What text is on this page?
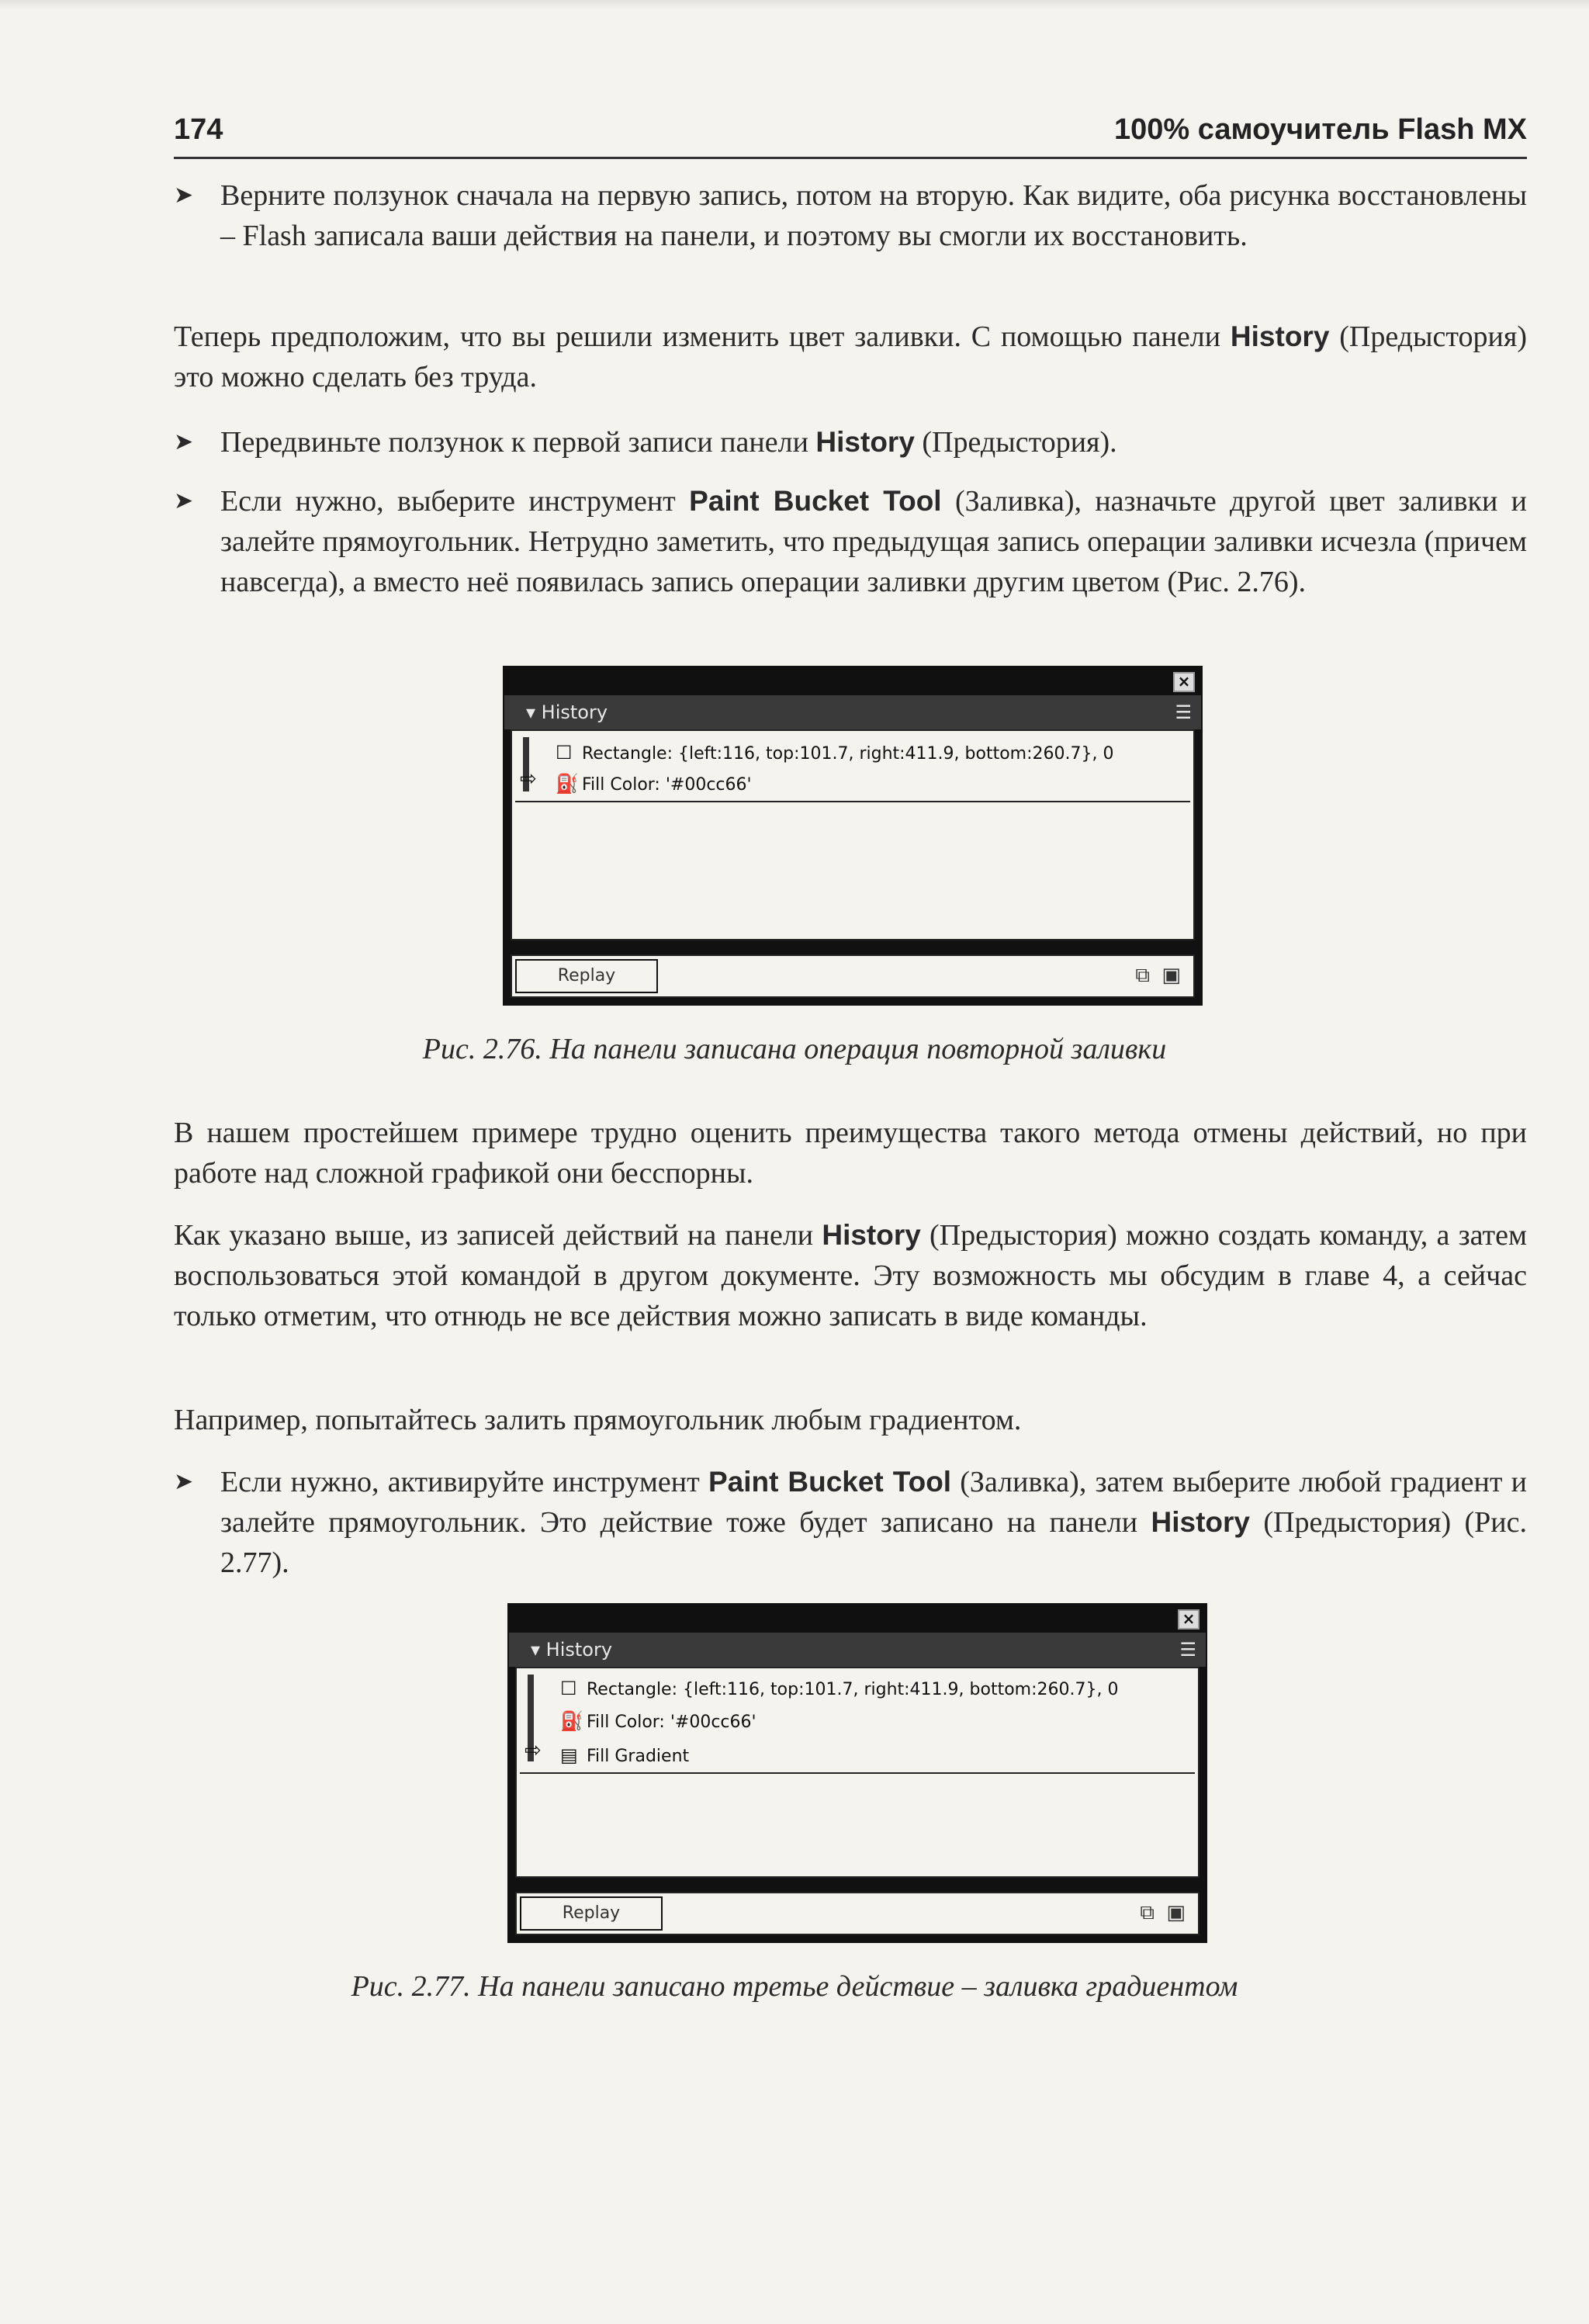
174	100% самоучитель Flash MX
➤ Верните ползунок сначала на первую запись, потом на вторую. Как видите, оба рисунка восстановлены – Flash записала ваши действия на панели, и поэтому вы смогли их восстановить.
Теперь предположим, что вы решили изменить цвет заливки. С помощью панели History (Предыстория) это можно сделать без труда.
➤ Передвиньте ползунок к первой записи панели History (Предыстория).
➤ Если нужно, выберите инструмент Paint Bucket Tool (Заливка), назначьте другой цвет заливки и залейте прямоугольник. Нетрудно заметить, что предыдущая запись операции заливки исчезла (причем навсегда), а вместо неё появилась запись операции заливки другим цветом (Рис. 2.76).
×
▾ History	☰
⇨
☐ Rectangle: {left:116, top:101.7, right:411.9, bottom:260.7}, 0
⛽ Fill Color: '#00cc66'
Replay	⧉ ▣
Рис. 2.76. На панели записана операция повторной заливки
В нашем простейшем примере трудно оценить преимущества такого метода отмены действий, но при работе над сложной графикой они бесспорны.
Как указано выше, из записей действий на панели History (Предыстория) можно создать команду, а затем воспользоваться этой командой в другом документе. Эту возможность мы обсудим в главе 4, а сейчас только отметим, что отнюдь не все действия можно записать в виде команды.
Например, попытайтесь залить прямоугольник любым градиентом.
➤ Если нужно, активируйте инструмент Paint Bucket Tool (Заливка), затем выберите любой градиент и залейте прямоугольник. Это действие тоже будет записано на панели History (Предыстория) (Рис. 2.77).
×
▾ History	☰
⇨
☐ Rectangle: {left:116, top:101.7, right:411.9, bottom:260.7}, 0
⛽ Fill Color: '#00cc66'
▤ Fill Gradient
Replay	⧉ ▣
Рис. 2.77. На панели записано третье действие – заливка градиентом
